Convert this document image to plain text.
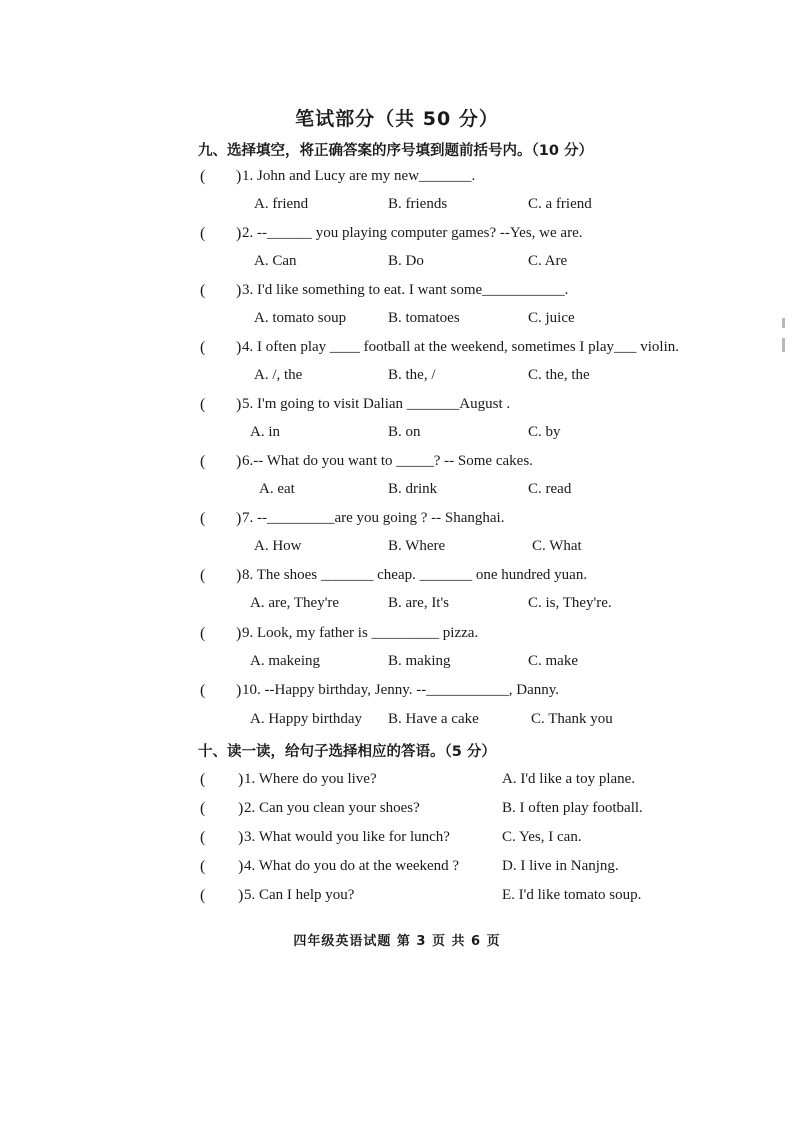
笔试部分（共 50 分）
九、选择填空，将正确答案的序号填到题前括号内。（10 分）
( ) 1. John and Lucy are my new_______.
A. friend	B. friends	C. a friend
( ) 2. --______ you playing computer games? --Yes, we are.
A. Can	B. Do	C. Are
( ) 3. I'd like something to eat. I want some___________.
A. tomato soup	B. tomatoes	C. juice
( ) 4. I often play ____ football at the weekend, sometimes I play___ violin.
A. /, the	B. the, /	C. the, the
( ) 5. I'm going to visit Dalian _______August .
A. in	B. on	C. by
( ) 6.-- What do you want to _____? -- Some cakes.
A. eat	B. drink	C. read
( ) 7. --_________are you going ? -- Shanghai.
A. How	B. Where	C. What
( ) 8. The shoes _______ cheap. _______ one hundred yuan.
A. are, They're	B. are, It's	C. is, They're.
( ) 9. Look, my father is _________ pizza.
A. makeing	B. making	C. make
( ) 10. --Happy birthday, Jenny. --___________, Danny.
A. Happy birthday B. Have a cake	C. Thank you
十、读一读，给句子选择相应的答语。（5 分）
( ) 1. Where do you live?	A. I'd like a toy plane.
( ) 2. Can you clean your shoes?	B. I often play football.
( ) 3. What would you like for lunch?	C. Yes, I can.
( ) 4. What do you do at the weekend ?	D. I live in Nanjng.
( ) 5. Can I help you?	E. I'd like tomato soup.
四年级英语试题 第 3 页 共 6 页
